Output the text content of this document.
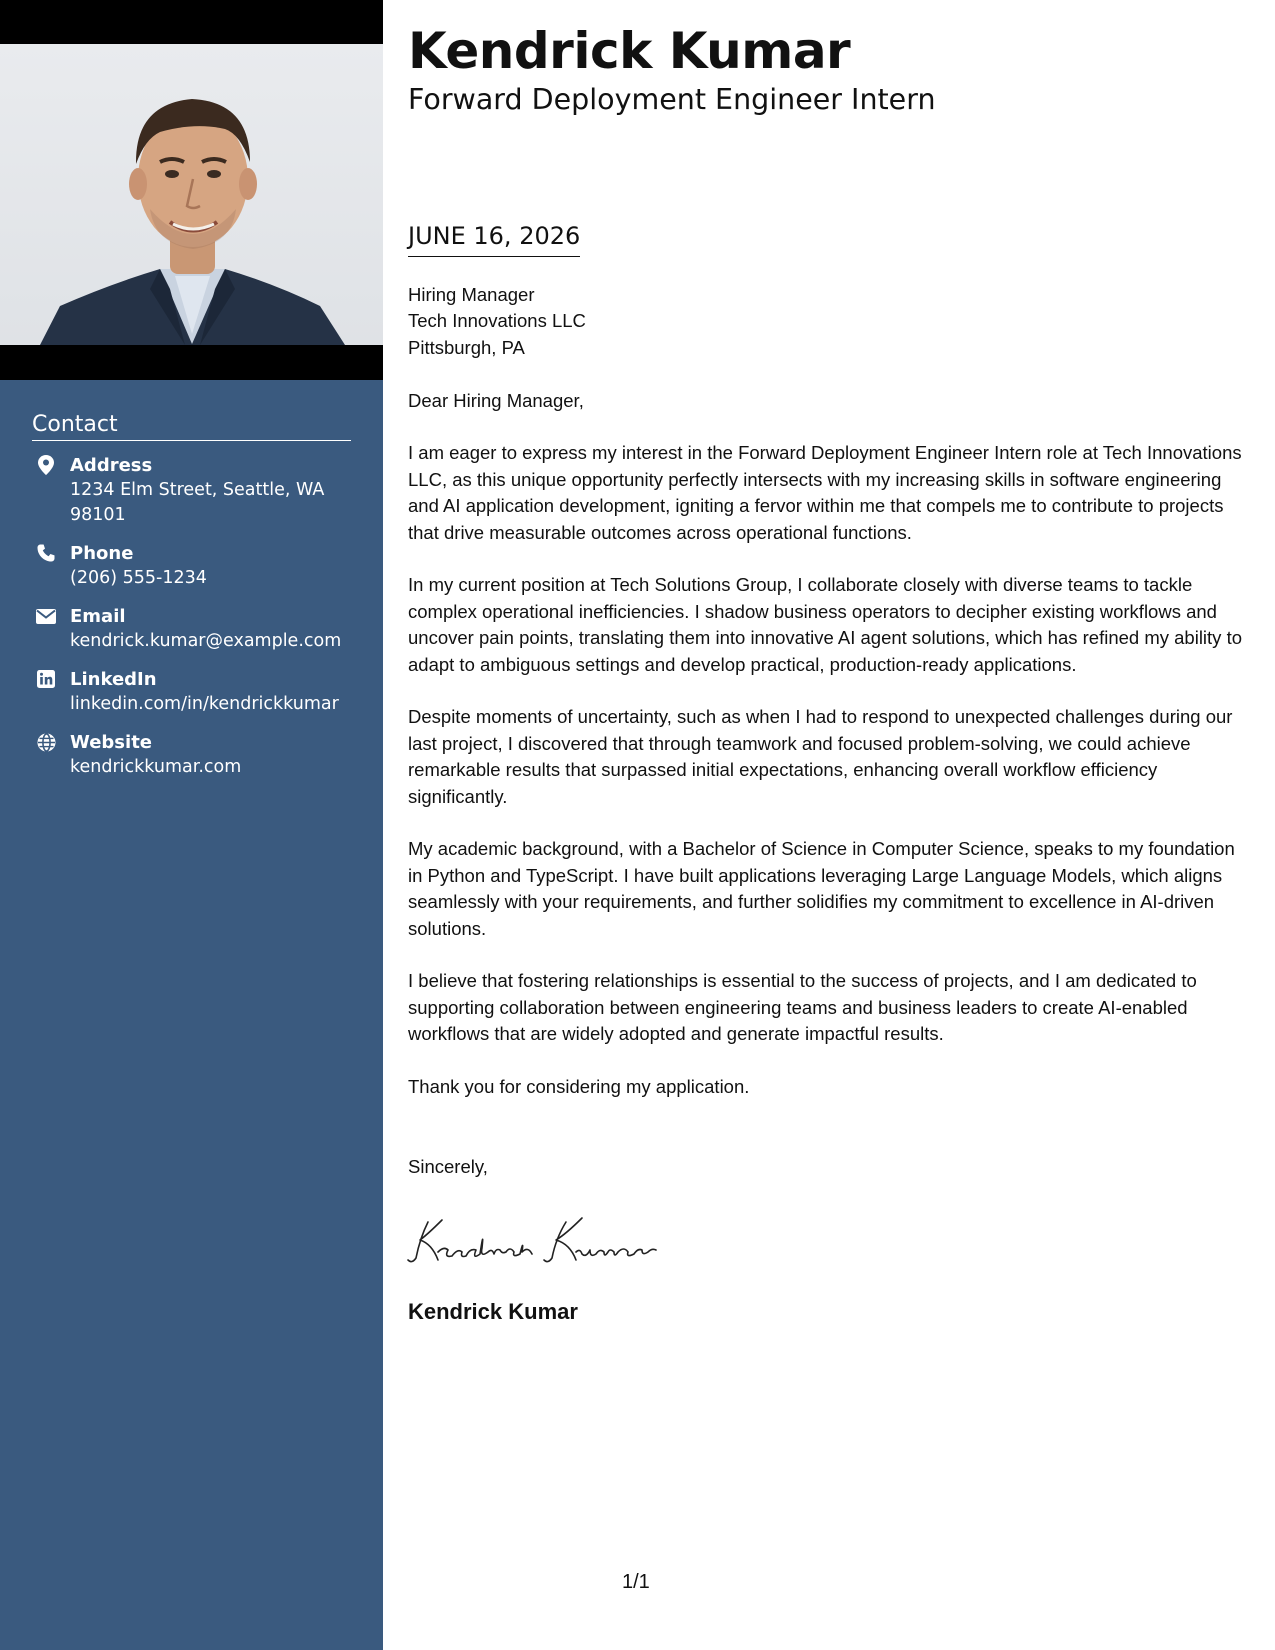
Contact
Address
1234 Elm Street, Seattle, WA
98101
Phone
(206) 555-1234
Email
kendrick.kumar@example.com
LinkedIn
linkedin.com/in/kendrickkumar
Website
kendrickkumar.com
Kendrick Kumar
Forward Deployment Engineer Intern
JUNE 16, 2026
Hiring Manager
Tech Innovations LLC
Pittsburgh, PA

Dear Hiring Manager,

I am eager to express my interest in the Forward Deployment Engineer Intern role at Tech Innovations LLC, as this unique opportunity perfectly intersects with my increasing skills in software engineering and AI application development, igniting a fervor within me that compels me to contribute to projects that drive measurable outcomes across operational functions.

In my current position at Tech Solutions Group, I collaborate closely with diverse teams to tackle complex operational inefficiencies. I shadow business operators to decipher existing workflows and uncover pain points, translating them into innovative AI agent solutions, which has refined my ability to adapt to ambiguous settings and develop practical, production-ready applications.

Despite moments of uncertainty, such as when I had to respond to unexpected challenges during our last project, I discovered that through teamwork and focused problem-solving, we could achieve remarkable results that surpassed initial expectations, enhancing overall workflow efficiency significantly.

My academic background, with a Bachelor of Science in Computer Science, speaks to my foundation in Python and TypeScript. I have built applications leveraging Large Language Models, which aligns seamlessly with your requirements, and further solidifies my commitment to excellence in AI-driven solutions.

I believe that fostering relationships is essential to the success of projects, and I am dedicated to supporting collaboration between engineering teams and business leaders to create AI-enabled workflows that are widely adopted and generate impactful results.

Thank you for considering my application.

Sincerely,
Kendrick Kumar
1/1
